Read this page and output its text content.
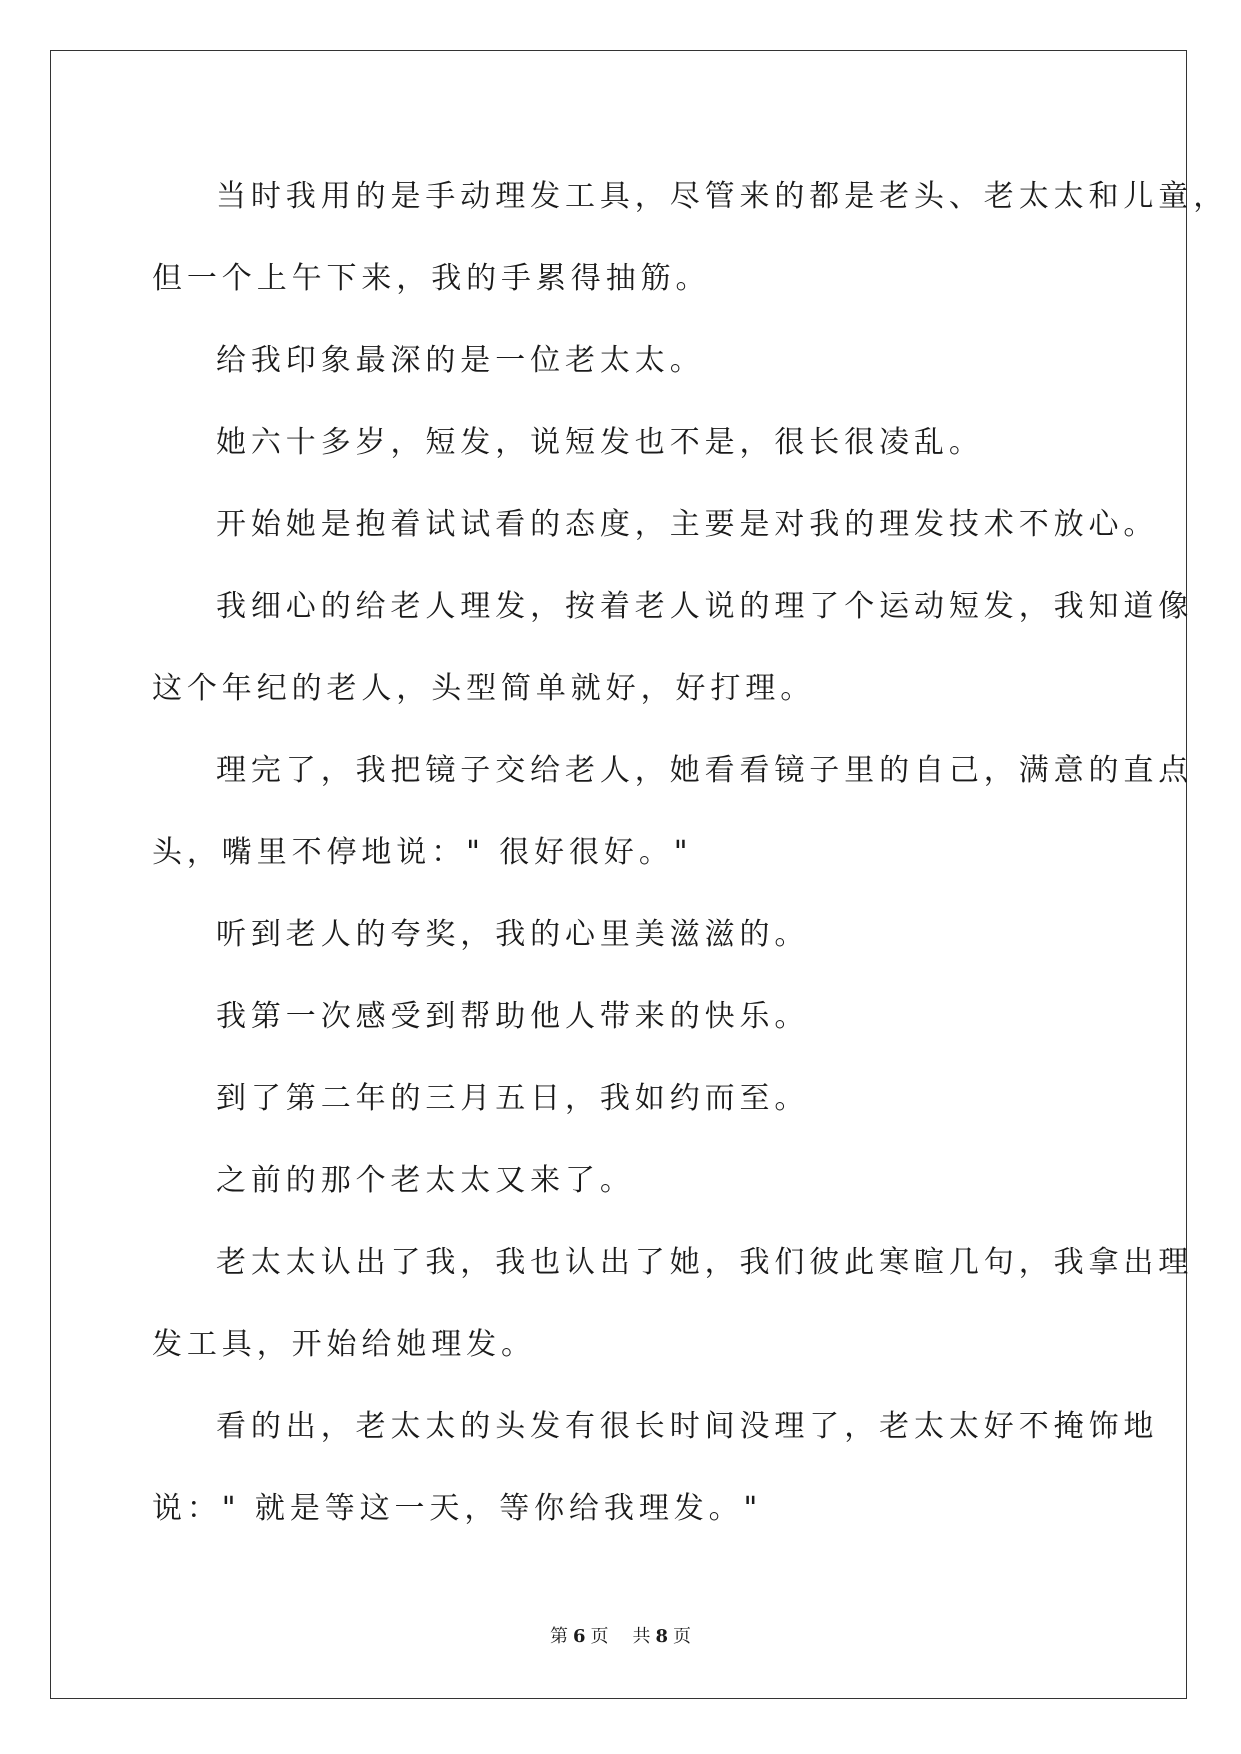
当时我用的是手动理发工具，尽管来的都是老头、老太太和儿童，

但一个上午下来，我的手累得抽筋。

给我印象最深的是一位老太太。

她六十多岁，短发，说短发也不是，很长很凌乱。

开始她是抱着试试看的态度，主要是对我的理发技术不放心。

我细心的给老人理发，按着老人说的理了个运动短发，我知道像

这个年纪的老人，头型简单就好，好打理。

理完了，我把镜子交给老人，她看看镜子里的自己，满意的直点

头，嘴里不停地说：" 很好很好。"

听到老人的夸奖，我的心里美滋滋的。

我第一次感受到帮助他人带来的快乐。

到了第二年的三月五日，我如约而至。

之前的那个老太太又来了。

老太太认出了我，我也认出了她，我们彼此寒暄几句，我拿出理

发工具，开始给她理发。

看的出，老太太的头发有很长时间没理了，老太太好不掩饰地

说：" 就是等这一天，等你给我理发。"

第 6 页 共 8 页
